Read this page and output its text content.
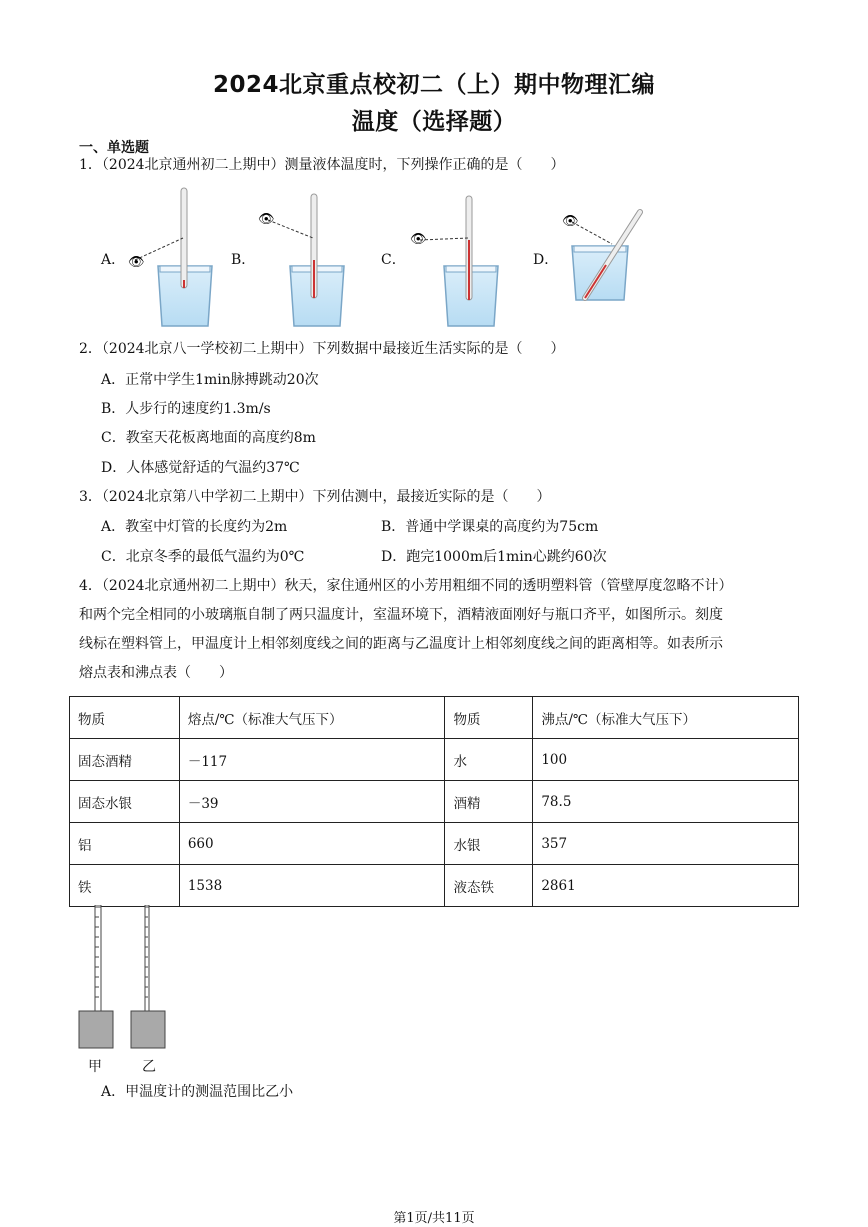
2024北京重点校初二（上）期中物理汇编
温度（选择题）
一、单选题
1．（2024北京通州初二上期中）测量液体温度时，下列操作正确的是（　　）
A．	B．	C．	D．
👁
👁
👁
👁
2．（2024北京八一学校初二上期中）下列数据中最接近生活实际的是（　　）
A．正常中学生1min脉搏跳动20次
B．人步行的速度约1.3m/s
C．教室天花板离地面的高度约8m
D．人体感觉舒适的气温约37℃
3．（2024北京第八中学初二上期中）下列估测中，最接近实际的是（　　）
A．教室中灯管的长度约为2m	B．普通中学课桌的高度约为75cm
C．北京冬季的最低气温约为0℃	D．跑完1000m后1min心跳约60次
4．（2024北京通州初二上期中）秋天，家住通州区的小芳用粗细不同的透明塑料管（管壁厚度忽略不计）
和两个完全相同的小玻璃瓶自制了两只温度计，室温环境下，酒精液面刚好与瓶口齐平，如图所示。刻度
线标在塑料管上，甲温度计上相邻刻度线之间的距离与乙温度计上相邻刻度线之间的距离相等。如表所示
熔点表和沸点表（　　）
物质	熔点/℃（标准大气压下）	物质	沸点/℃（标准大气压下）
固态酒精	－117	水	100
固态水银	－39	酒精	78.5
铝	660	水银	357
铁	1538	液态铁	2861
甲	乙
A．甲温度计的测温范围比乙小
第1页/共11页
